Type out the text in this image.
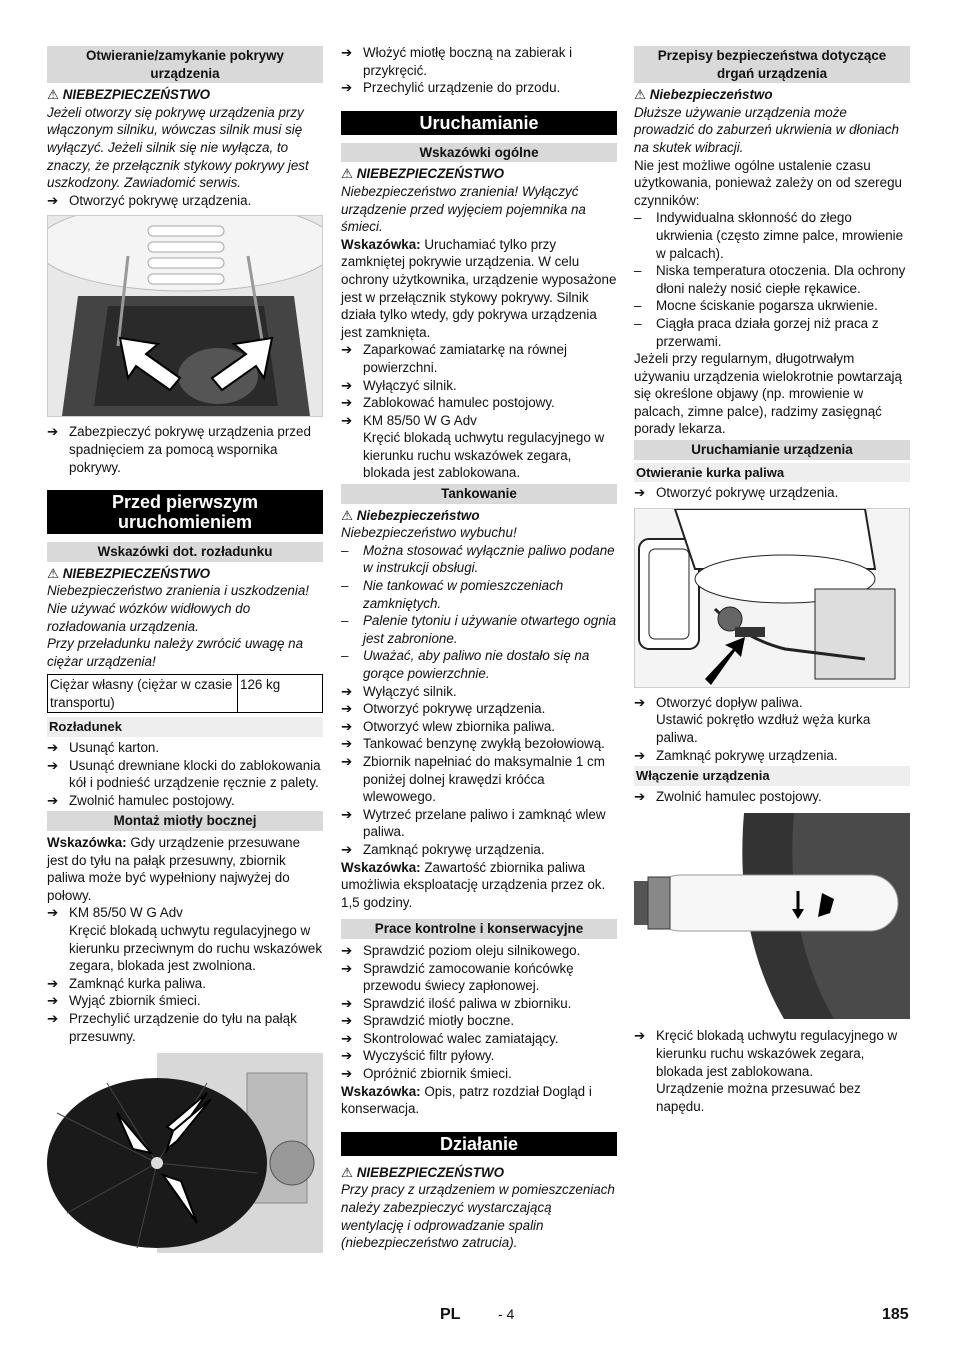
Otwieranie/zamykanie pokrywy urządzenia
⚠ NIEBEZPIECZEŃSTWO

Jeżeli otworzy się pokrywę urządzenia przy włączonym silniku, wówczas silnik musi się wyłączyć. Jeżeli silnik się nie wyłącza, to znaczy, że przełącznik stykowy pokrywy jest uszkodzony. Zawiadomić serwis.

➔ Otworzyć pokrywę urządzenia.

➔ Zabezpieczyć pokrywę urządzenia przed spadnięciem za pomocą wspornika pokrywy.

Przed pierwszym uruchomieniem
Wskazówki dot. rozładunku
⚠ NIEBEZPIECZEŃSTWO

Niebezpieczeństwo zranienia i uszkodzenia! Nie używać wózków widłowych do rozładowania urządzenia.

Przy przeładunku należy zwrócić uwagę na ciężar urządzenia!

Ciężar własny (ciężar w czasie transportu)	126 kg
Rozładunek

➔ Usunąć karton.

➔ Usunąć drewniane klocki do zablokowania kół i podnieść urządzenie ręcznie z palety.

➔ Zwolnić hamulec postojowy.

Montaż miotły bocznej

Wskazówka: Gdy urządzenie przesuwane jest do tyłu na pałąk przesuwny, zbiornik paliwa może być wypełniony najwyżej do połowy.

➔ KM 85/50 W G Adv

Kręcić blokadą uchwytu regulacyjnego w kierunku przeciwnym do ruchu wskazówek zegara, blokada jest zwolniona.

➔ Zamknąć kurka paliwa.

➔ Wyjąć zbiornik śmieci.

➔ Przechylić urządzenie do tyłu na pałąk przesuwny.

➔ Włożyć miotłę boczną na zabierak i przykręcić.

➔ Przechylić urządzenie do przodu.

Uruchamianie
Wskazówki ogólne
⚠ NIEBEZPIECZEŃSTWO

Niebezpieczeństwo zranienia! Wyłączyć urządzenie przed wyjęciem pojemnika na śmieci.

Wskazówka: Uruchamiać tylko przy zamkniętej pokrywie urządzenia. W celu ochrony użytkownika, urządzenie wyposażone jest w przełącznik stykowy pokrywy. Silnik działa tylko wtedy, gdy pokrywa urządzenia jest zamknięta.

➔ Zaparkować zamiatarkę na równej powierzchni.

➔ Wyłączyć silnik.

➔ Zablokować hamulec postojowy.

➔ KM 85/50 W G Adv

Kręcić blokadą uchwytu regulacyjnego w kierunku ruchu wskazówek zegara, blokada jest zablokowana.

Tankowanie
⚠ Niebezpieczeństwo

Niebezpieczeństwo wybuchu!

– Można stosować wyłącznie paliwo podane w instrukcji obsługi.

– Nie tankować w pomieszczeniach zamkniętych.

– Palenie tytoniu i używanie otwartego ognia jest zabronione.

– Uważać, aby paliwo nie dostało się na gorące powierzchnie.

➔ Wyłączyć silnik.

➔ Otworzyć pokrywę urządzenia.

➔ Otworzyć wlew zbiornika paliwa.

➔ Tankować benzynę zwykłą bezołowiową.

➔ Zbiornik napełniać do maksymalnie 1 cm poniżej dolnej krawędzi króćca wlewowego.

➔ Wytrzeć przelane paliwo i zamknąć wlew paliwa.

➔ Zamknąć pokrywę urządzenia.

Wskazówka: Zawartość zbiornika paliwa umożliwia eksploatację urządzenia przez ok. 1,5 godziny.

Prace kontrolne i konserwacyjne

➔ Sprawdzić poziom oleju silnikowego.

➔ Sprawdzić zamocowanie końcówkę przewodu świecy zapłonowej.

➔ Sprawdzić ilość paliwa w zbiorniku.

➔ Sprawdzić miotły boczne.

➔ Skontrolować walec zamiatający.

➔ Wyczyścić filtr pyłowy.

➔ Opróżnić zbiornik śmieci.

Wskazówka: Opis, patrz rozdział Dogląd i konserwacja.

Działanie
⚠ NIEBEZPIECZEŃSTWO

Przy pracy z urządzeniem w pomieszczeniach należy zabezpieczyć wystarczającą wentylację i odprowadzanie spalin (niebezpieczeństwo zatrucia).

Przepisy bezpieczeństwa dotyczące drgań urządzenia
⚠ Niebezpieczeństwo

Dłuższe używanie urządzenia może prowadzić do zaburzeń ukrwienia w dłoniach na skutek wibracji.

Nie jest możliwe ogólne ustalenie czasu użytkowania, ponieważ zależy on od szeregu czynników:

– Indywidualna skłonność do złego ukrwienia (często zimne palce, mrowienie w palcach).

– Niska temperatura otoczenia. Dla ochrony dłoni należy nosić ciepłe rękawice.

– Mocne ściskanie pogarsza ukrwienie.

– Ciągła praca działa gorzej niż praca z przerwami.

Jeżeli przy regularnym, długotrwałym używaniu urządzenia wielokrotnie powtarzają się określone objawy (np. mrowienie w palcach, zimne palce), radzimy zasięgnąć porady lekarza.

Uruchamianie urządzenia
Otwieranie kurka paliwa

➔ Otworzyć pokrywę urządzenia.

➔ Otworzyć dopływ paliwa.

Ustawić pokrętło wzdłuż węża kurka paliwa.

➔ Zamknąć pokrywę urządzenia.

Włączenie urządzenia

➔ Zwolnić hamulec postojowy.

➔ Kręcić blokadą uchwytu regulacyjnego w kierunku ruchu wskazówek zegara, blokada jest zablokowana.

Urządzenie można przesuwać bez napędu.

PL	- 4	185
